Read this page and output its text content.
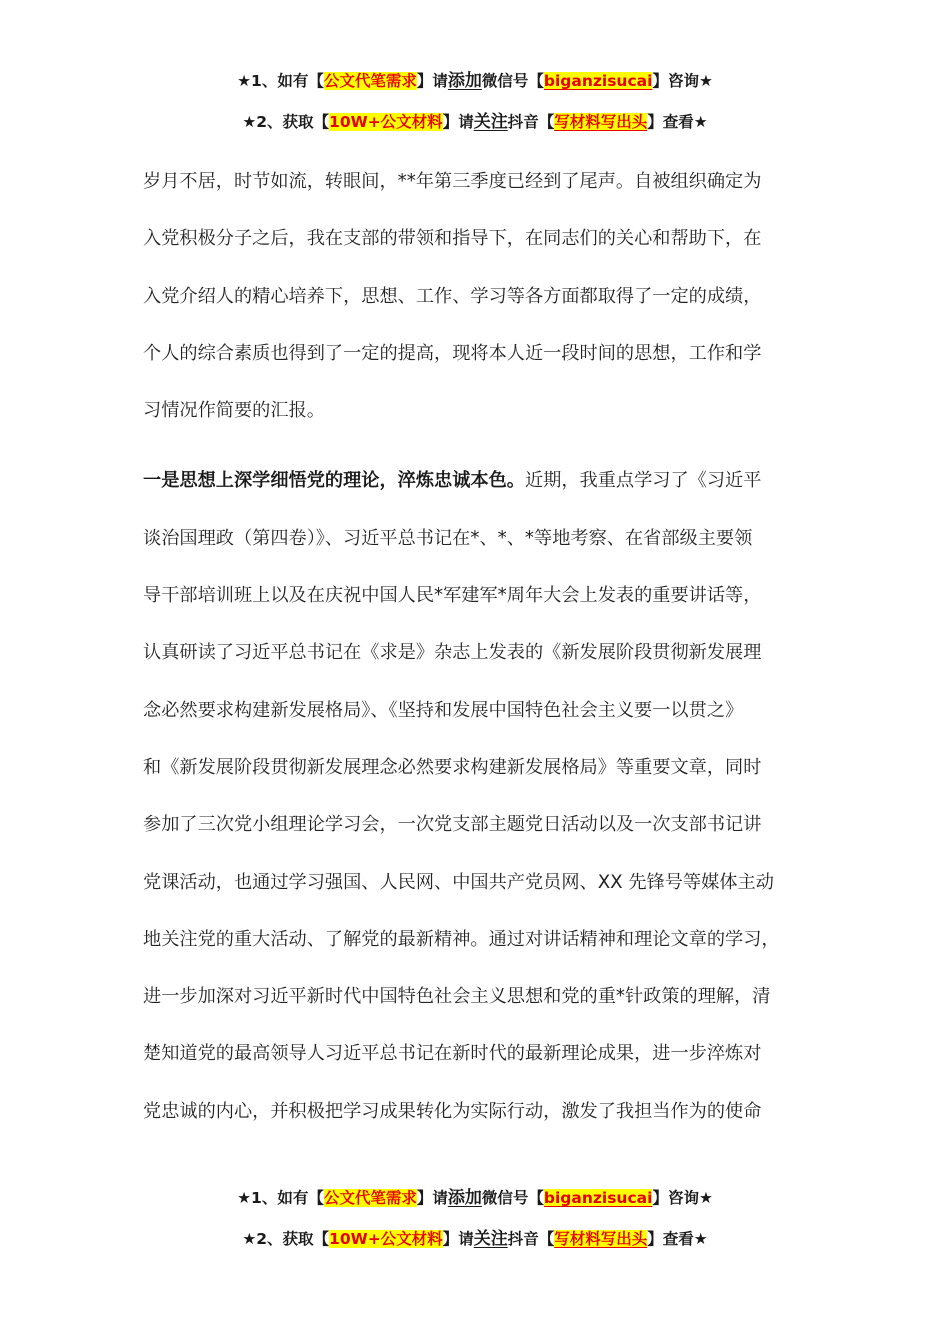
★1、如有【公文代笔需求】请添加微信号【biganzisucai】咨询★
★2、获取【10W+公文材料】请关注抖音【写材料写出头】查看★
岁月不居，时节如流，转眼间，**年第三季度已经到了尾声。自被组织确定为
入党积极分子之后，我在支部的带领和指导下，在同志们的关心和帮助下，在
入党介绍人的精心培养下，思想、工作、学习等各方面都取得了一定的成绩，
个人的综合素质也得到了一定的提高，现将本人近一段时间的思想，工作和学
习情况作简要的汇报。
一是思想上深学细悟党的理论，淬炼忠诚本色。近期，我重点学习了《习近平
谈治国理政（第四卷）》、习近平总书记在*、*、*等地考察、在省部级主要领
导干部培训班上以及在庆祝中国人民*军建军*周年大会上发表的重要讲话等，
认真研读了习近平总书记在《求是》杂志上发表的《新发展阶段贯彻新发展理
念必然要求构建新发展格局》、《坚持和发展中国特色社会主义要一以贯之》
和《新发展阶段贯彻新发展理念必然要求构建新发展格局》等重要文章，同时
参加了三次党小组理论学习会，一次党支部主题党日活动以及一次支部书记讲
党课活动，也通过学习强国、人民网、中国共产党员网、XX 先锋号等媒体主动
地关注党的重大活动、了解党的最新精神。通过对讲话精神和理论文章的学习，
进一步加深对习近平新时代中国特色社会主义思想和党的重*针政策的理解，清
楚知道党的最高领导人习近平总书记在新时代的最新理论成果，进一步淬炼对
党忠诚的内心，并积极把学习成果转化为实际行动，激发了我担当作为的使命
★1、如有【公文代笔需求】请添加微信号【biganzisucai】咨询★
★2、获取【10W+公文材料】请关注抖音【写材料写出头】查看★
